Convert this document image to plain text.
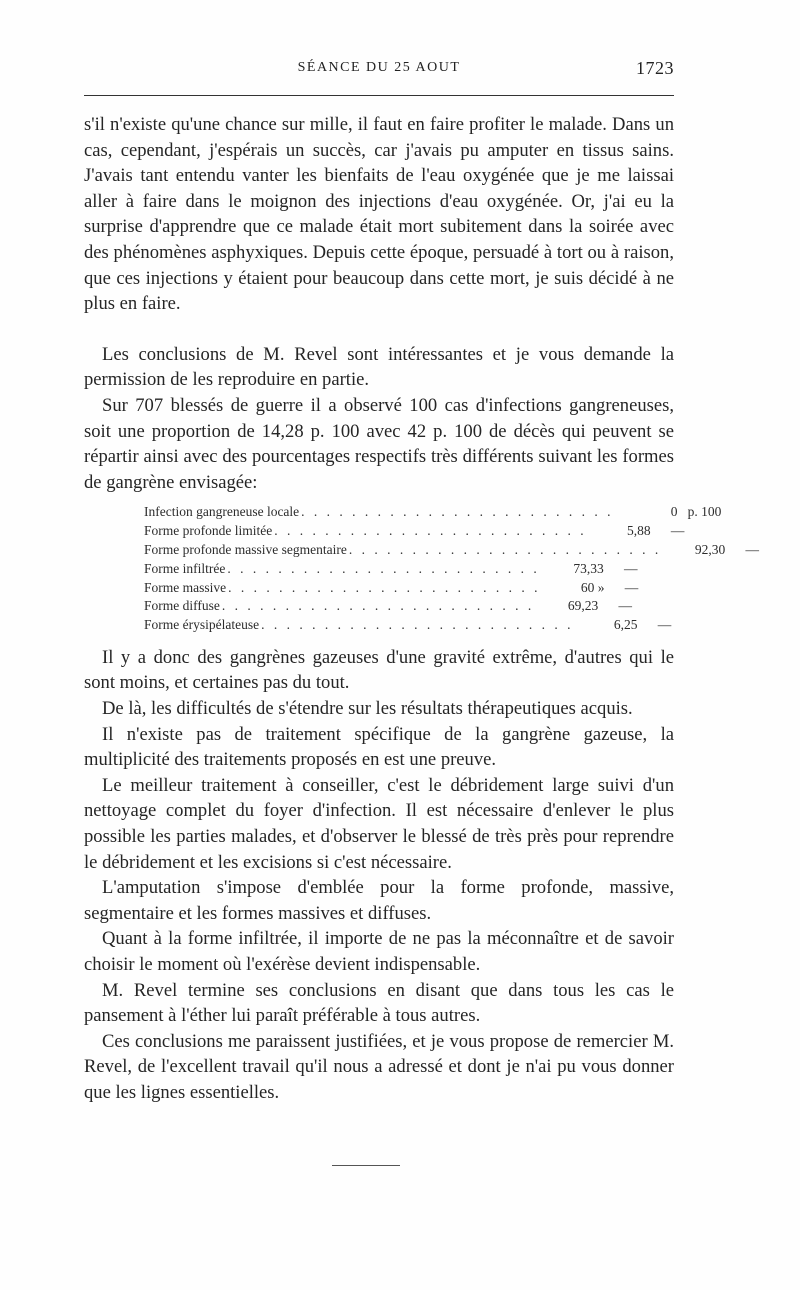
SÉANCE DU 25 AOUT	1723

s'il n'existe qu'une chance sur mille, il faut en faire profiter le malade. Dans un cas, cependant, j'espérais un succès, car j'avais pu amputer en tissus sains. J'avais tant entendu vanter les bienfaits de l'eau oxygénée que je me laissai aller à faire dans le moignon des injections d'eau oxygénée. Or, j'ai eu la surprise d'apprendre que ce malade était mort subitement dans la soirée avec des phénomènes asphyxiques. Depuis cette époque, persuadé à tort ou à raison, que ces injections y étaient pour beaucoup dans cette mort, je suis décidé à ne plus en faire.

Les conclusions de M. Revel sont intéressantes et je vous demande la permission de les reproduire en partie.

Sur 707 blessés de guerre il a observé 100 cas d'infections gangreneuses, soit une proportion de 14,28 p. 100 avec 42 p. 100 de décès qui peuvent se répartir ainsi avec des pourcentages respectifs très différents suivant les formes de gangrène envisagée:

Infection gangreneuse locale . . . . . . . . . . . . . . . . . . . . . . . . .	0 p. 100
Forme profonde limitée . . . . . . . . . . . . . . . . . . . . . . . . .	5,88	—
Forme profonde massive segmentaire . . . . . . . . . . . . . . . . . . . . . . . . .	92,30	—
Forme infiltrée . . . . . . . . . . . . . . . . . . . . . . . . .	73,33	—
Forme massive . . . . . . . . . . . . . . . . . . . . . . . . .	60 »	—
Forme diffuse . . . . . . . . . . . . . . . . . . . . . . . . .	69,23	—
Forme érysipélateuse . . . . . . . . . . . . . . . . . . . . . . . . .	6,25	—

Il y a donc des gangrènes gazeuses d'une gravité extrême, d'autres qui le sont moins, et certaines pas du tout.

De là, les difficultés de s'étendre sur les résultats thérapeutiques acquis.

Il n'existe pas de traitement spécifique de la gangrène gazeuse, la multiplicité des traitements proposés en est une preuve.

Le meilleur traitement à conseiller, c'est le débridement large suivi d'un nettoyage complet du foyer d'infection. Il est nécessaire d'enlever le plus possible les parties malades, et d'observer le blessé de très près pour reprendre le débridement et les excisions si c'est nécessaire.

L'amputation s'impose d'emblée pour la forme profonde, massive, segmentaire et les formes massives et diffuses.

Quant à la forme infiltrée, il importe de ne pas la méconnaître et de savoir choisir le moment où l'exérèse devient indispensable.

M. Revel termine ses conclusions en disant que dans tous les cas le pansement à l'éther lui paraît préférable à tous autres.

Ces conclusions me paraissent justifiées, et je vous propose de remercier M. Revel, de l'excellent travail qu'il nous a adressé et dont je n'ai pu vous donner que les lignes essentielles.
